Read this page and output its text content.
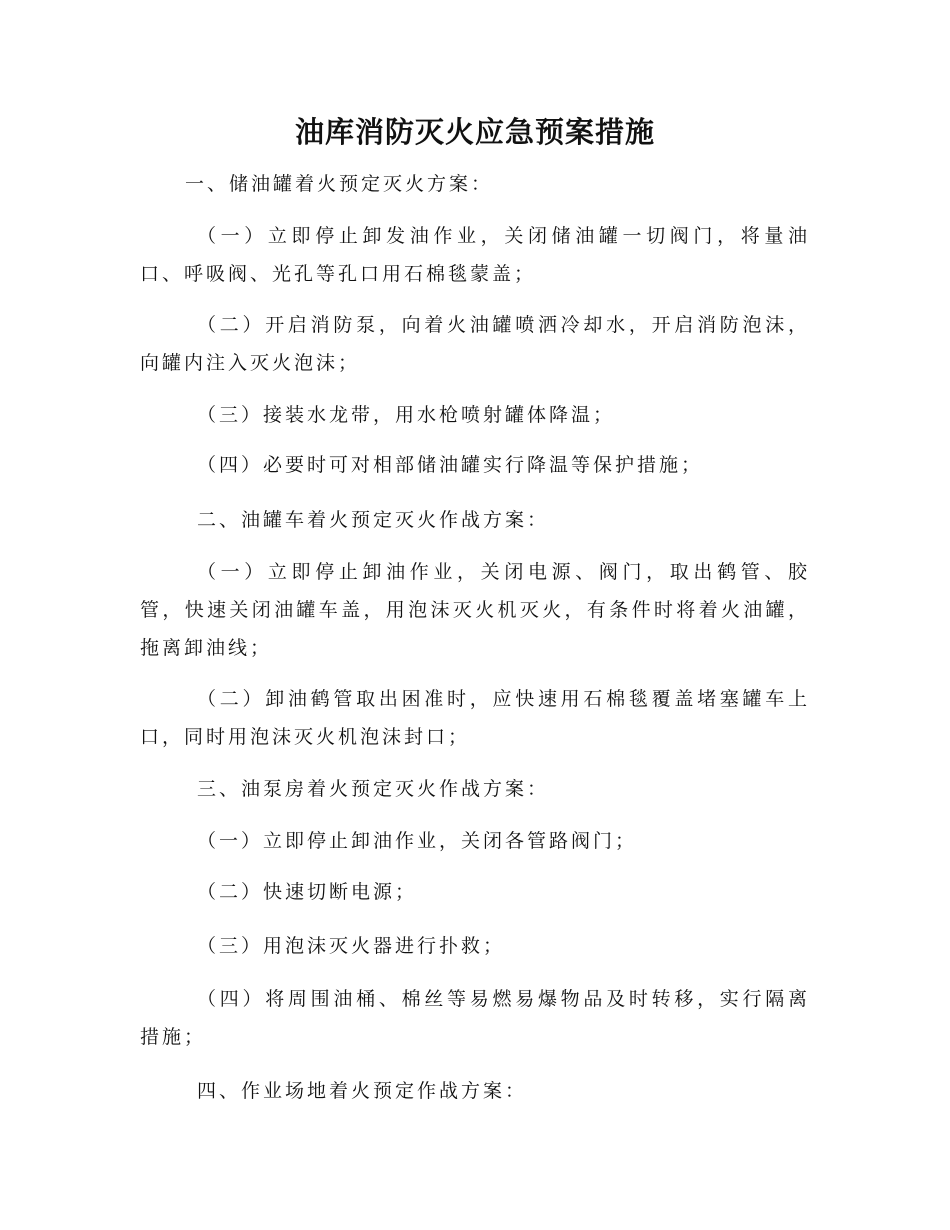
油库消防灭火应急预案措施

一、储油罐着火预定灭火方案：

（一）立即停止卸发油作业，关闭储油罐一切阀门，将量油口、呼吸阀、光孔等孔口用石棉毯蒙盖；

（二）开启消防泵，向着火油罐喷洒冷却水，开启消防泡沫，向罐内注入灭火泡沫；

（三）接装水龙带，用水枪喷射罐体降温；

（四）必要时可对相部储油罐实行降温等保护措施；

二、油罐车着火预定灭火作战方案：

（一）立即停止卸油作业，关闭电源、阀门，取出鹤管、胶管，快速关闭油罐车盖，用泡沫灭火机灭火，有条件时将着火油罐，拖离卸油线；

（二）卸油鹤管取出困准时，应快速用石棉毯覆盖堵塞罐车上口，同时用泡沫灭火机泡沫封口；

三、油泵房着火预定灭火作战方案：

（一）立即停止卸油作业，关闭各管路阀门；

（二）快速切断电源；

（三）用泡沫灭火器进行扑救；

（四）将周围油桶、棉丝等易燃易爆物品及时转移，实行隔离措施；

四、作业场地着火预定作战方案：
